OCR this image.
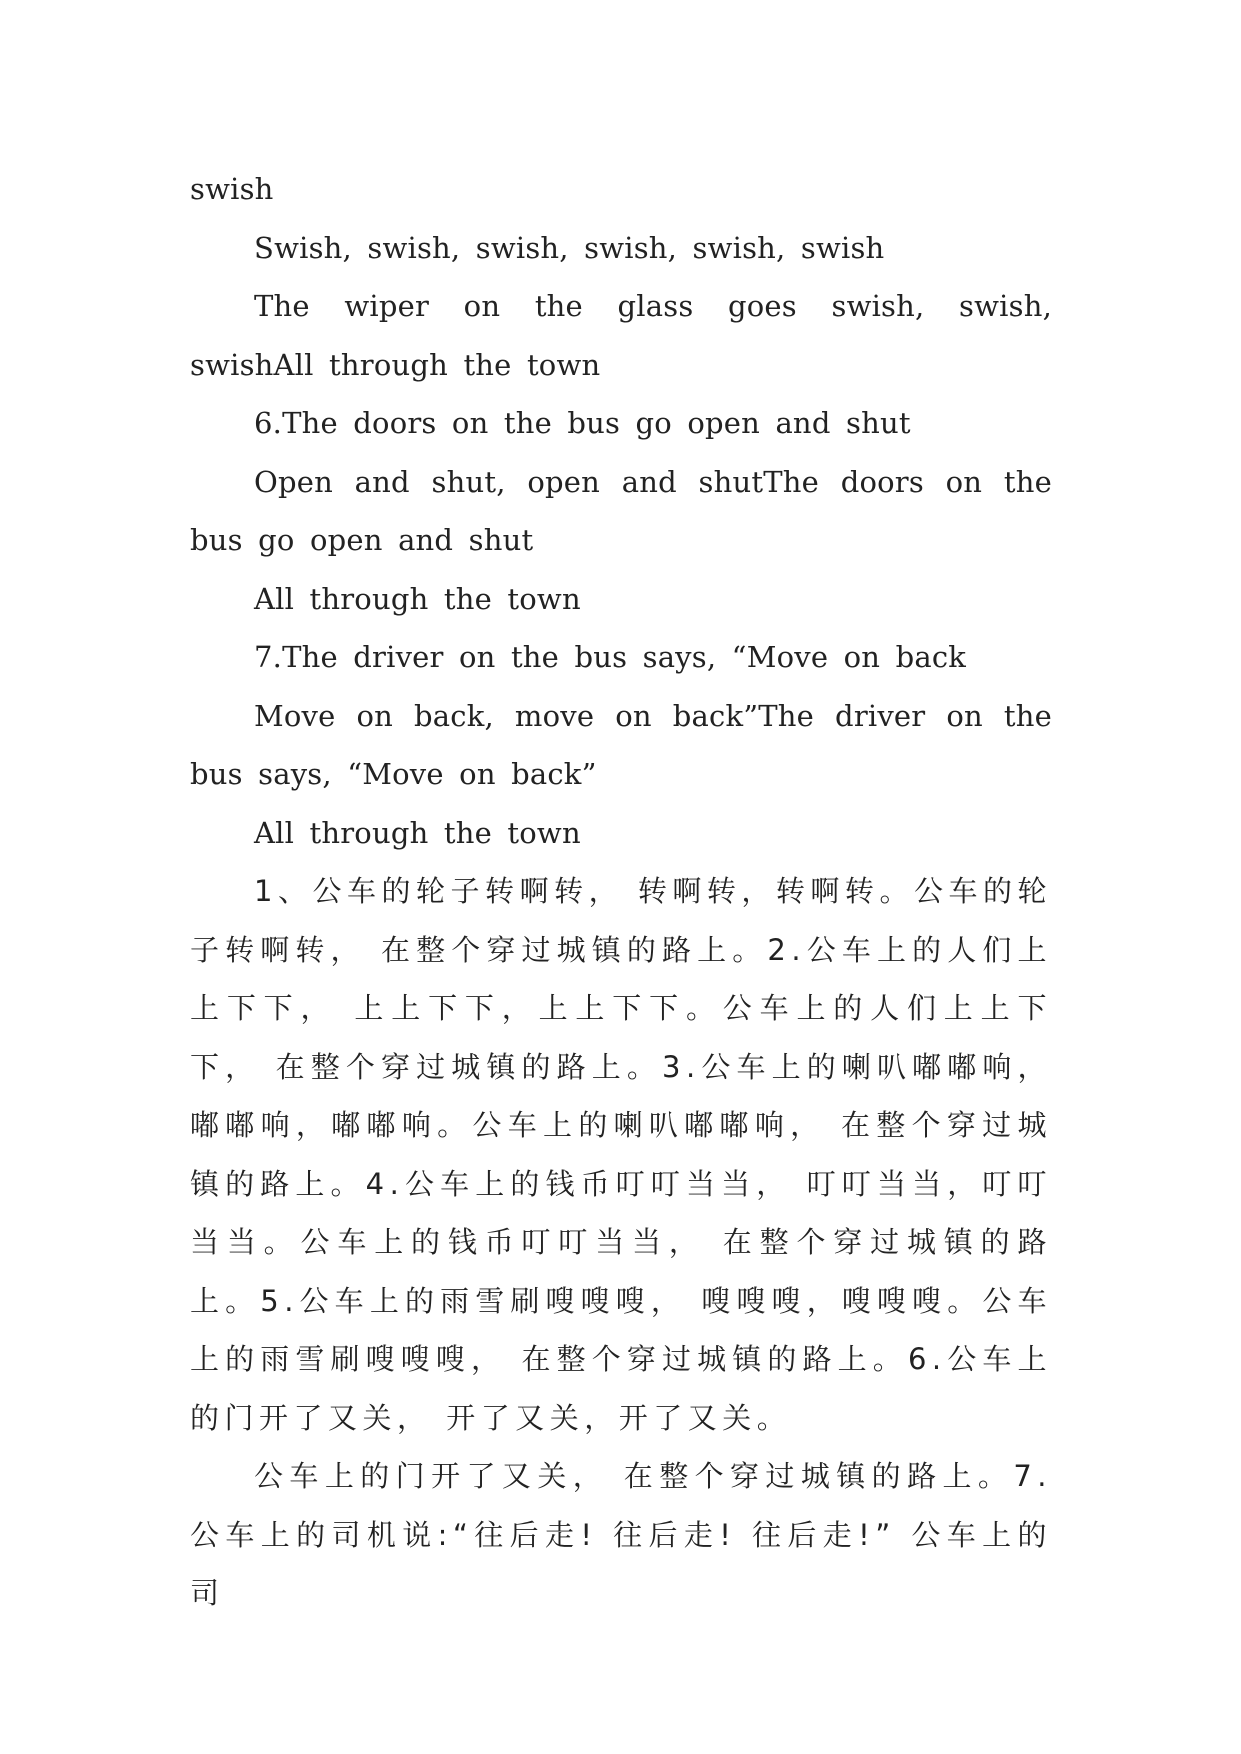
swish

Swish, swish, swish, swish, swish, swish

The wiper on the glass goes swish, swish, swishAll through the town

6.The doors on the bus go open and shut

Open and shut, open and shutThe doors on the bus go open and shut

All through the town

7.The driver on the bus says, “Move on back

Move on back, move on back”The driver on the bus says, “Move on back”

All through the town

1、公车的轮子转啊转， 转啊转，转啊转。公车的轮子转啊转， 在整个穿过城镇的路上。2.公车上的人们上上下下， 上上下下，上上下下。公车上的人们上上下下， 在整个穿过城镇的路上。3.公车上的喇叭嘟嘟响， 嘟嘟响，嘟嘟响。公车上的喇叭嘟嘟响， 在整个穿过城镇的路上。4.公车上的钱币叮叮当当， 叮叮当当，叮叮当当。公车上的钱币叮叮当当， 在整个穿过城镇的路上。5.公车上的雨雪刷嗖嗖嗖， 嗖嗖嗖，嗖嗖嗖。公车上的雨雪刷嗖嗖嗖， 在整个穿过城镇的路上。6.公车上的门开了又关， 开了又关，开了又关。

公车上的门开了又关， 在整个穿过城镇的路上。7.公车上的司机说:“往后走! 往后走! 往后走!” 公车上的司
